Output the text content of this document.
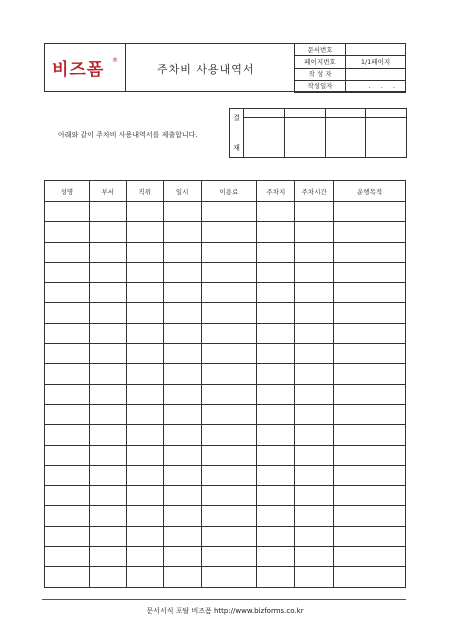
비즈폼 ®
주차비 사용내역서
문서번호	
페이지번호	1/1페이지
작 성 자	
작성일자	. . .
아래와 같이 주차비 사용내역서를 제출합니다.
결

재				

성명	부서	직위	일시	이용료	주차지	주차시간	운행목적

문서서식 포탈 비즈폼 http://www.bizforms.co.kr
